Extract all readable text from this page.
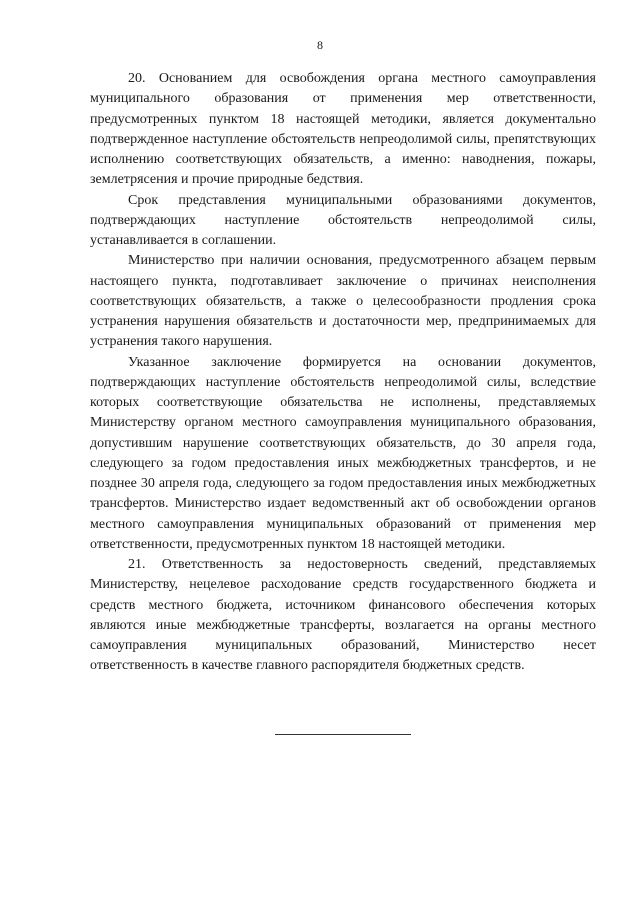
8

20. Основанием для освобождения органа местного самоуправления муниципального образования от применения мер ответственности, предусмотренных пунктом 18 настоящей методики, является документально подтвержденное наступление обстоятельств непреодолимой силы, препятствующих исполнению соответствующих обязательств, а именно: наводнения, пожары, землетрясения и прочие природные бедствия.

Срок представления муниципальными образованиями документов, подтверждающих наступление обстоятельств непреодолимой силы, устанавливается в соглашении.

Министерство при наличии основания, предусмотренного абзацем первым настоящего пункта, подготавливает заключение о причинах неисполнения соответствующих обязательств, а также о целесообразности продления срока устранения нарушения обязательств и достаточности мер, предпринимаемых для устранения такого нарушения.

Указанное заключение формируется на основании документов, подтверждающих наступление обстоятельств непреодолимой силы, вследствие которых соответствующие обязательства не исполнены, представляемых Министерству органом местного самоуправления муниципального образования, допустившим нарушение соответствующих обязательств, до 30 апреля года, следующего за годом предоставления иных межбюджетных трансфертов, и не позднее 30 апреля года, следующего за годом предоставления иных межбюджетных трансфертов. Министерство издает ведомственный акт об освобождении органов местного самоуправления муниципальных образований от применения мер ответственности, предусмотренных пунктом 18 настоящей методики.

21. Ответственность за недостоверность сведений, представляемых Министерству, нецелевое расходование средств государственного бюджета и средств местного бюджета, источником финансового обеспечения которых являются иные межбюджетные трансферты, возлагается на органы местного самоуправления муниципальных образований, Министерство несет ответственность в качестве главного распорядителя бюджетных средств.
